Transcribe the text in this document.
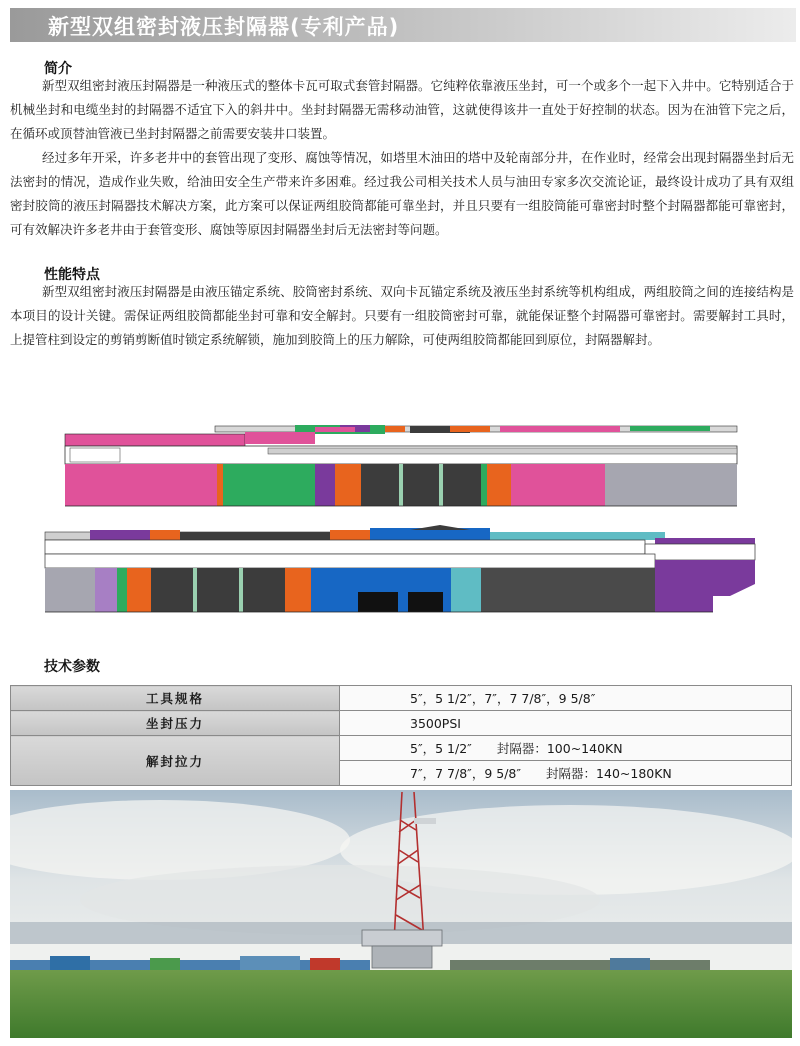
新型双组密封液压封隔器(专利产品)
简介

新型双组密封液压封隔器是一种液压式的整体卡瓦可取式套管封隔器。它纯粹依靠液压坐封，可一个或多个一起下入井中。它特别适合于机械坐封和电缆坐封的封隔器不适宜下入的斜井中。坐封封隔器无需移动油管，这就使得该井一直处于好控制的状态。因为在油管下完之后，在循环或顶替油管液已坐封封隔器之前需要安装井口装置。

经过多年开采，许多老井中的套管出现了变形、腐蚀等情况，如塔里木油田的塔中及轮南部分井，在作业时，经常会出现封隔器坐封后无法密封的情况，造成作业失败，给油田安全生产带来许多困难。经过我公司相关技术人员与油田专家多次交流论证，最终设计成功了具有双组密封胶筒的液压封隔器技术解决方案，此方案可以保证两组胶筒都能可靠坐封，并且只要有一组胶筒能可靠密封时整个封隔器都能可靠密封，可有效解决许多老井由于套管变形、腐蚀等原因封隔器坐封后无法密封等问题。

性能特点

新型双组密封液压封隔器是由液压锚定系统、胶筒密封系统、双向卡瓦锚定系统及液压坐封系统等机构组成，两组胶筒之间的连接结构是本项目的设计关键。需保证两组胶筒都能坐封可靠和安全解封。只要有一组胶筒密封可靠，就能保证整个封隔器可靠密封。需要解封工具时，上提管柱到设定的剪销剪断值时锁定系统解锁，施加到胶筒上的压力解除，可使两组胶筒都能回到原位，封隔器解封。

技术参数
工具规格	5″，5 1/2″，7″，7 7/8″，9 5/8″
坐封压力	3500PSI
解封拉力	5″，5 1/2″　　封隔器：100~140KN
	7″，7 7/8″，9 5/8″　　封隔器：140~180KN
